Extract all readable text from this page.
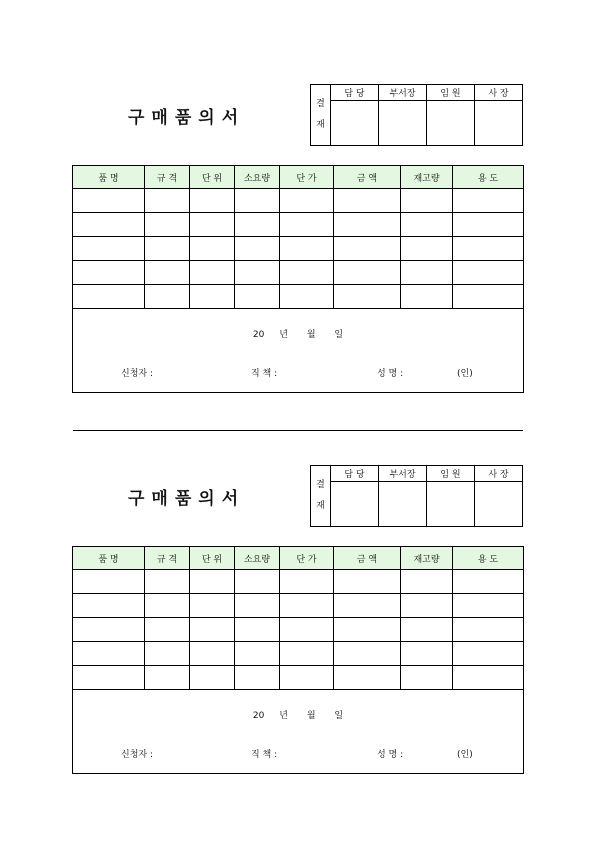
구매품의서
결
재	담 당	부서장	임 원	사 장

품 명	규 격	단 위	소요량	단 가	금 액	재고량	용 도

20 년 월 일
신청자 : 직 책 : 성 명 : (인)							
구매품의서
결
재	담 당	부서장	임 원	사 장

품 명	규 격	단 위	소요량	단 가	금 액	재고량	용 도

20 년 월 일
신청자 : 직 책 : 성 명 : (인)							
